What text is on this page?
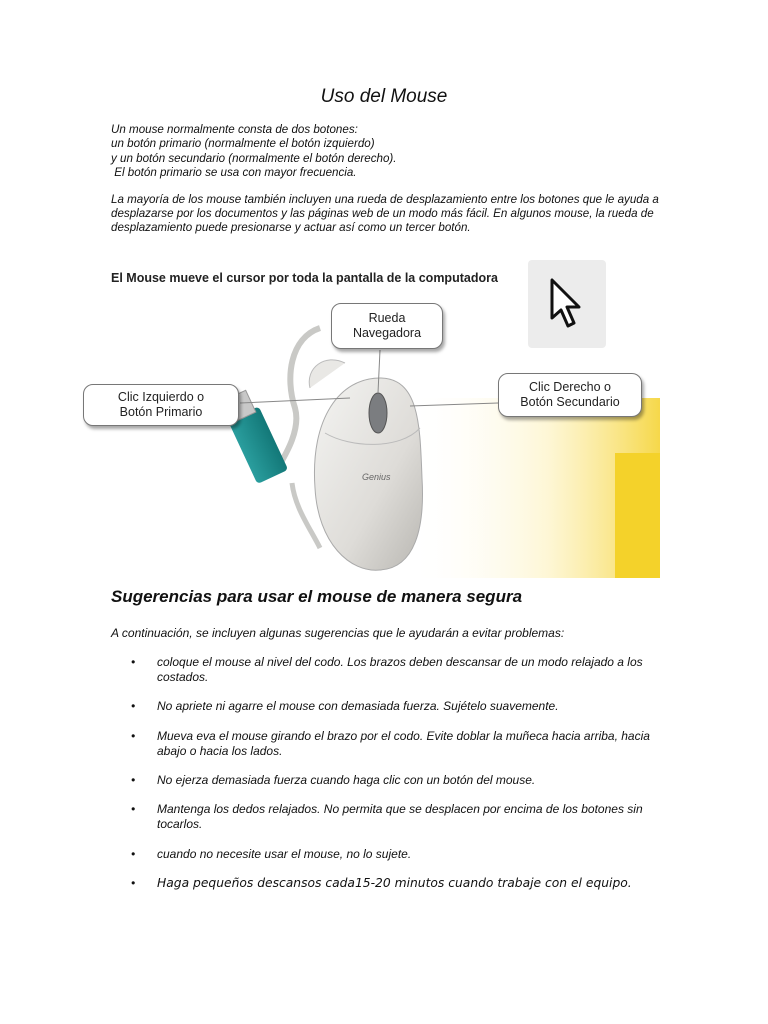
Uso del Mouse

Un mouse normalmente consta de dos botones:

un botón primario (normalmente el botón izquierdo)

y un botón secundario (normalmente el botón derecho).

El botón primario se usa con mayor frecuencia.

La mayoría de los mouse también incluyen una rueda de desplazamiento entre los botones que le ayuda a desplazarse por los documentos y las páginas web de un modo más fácil. En algunos mouse, la rueda de desplazamiento puede presionarse y actuar así como un tercer botón.

Genius
El Mouse mueve el cursor por toda la pantalla de la computadora
Rueda
Navegadora
Clic Izquierdo o
Botón Primario
Clic Derecho o
Botón Secundario
Sugerencias para usar el mouse de manera segura
A continuación, se incluyen algunas sugerencias que le ayudarán a evitar problemas:
• coloque el mouse al nivel del codo. Los brazos deben descansar de un modo relajado a los costados.
• No apriete ni agarre el mouse con demasiada fuerza. Sujételo suavemente.
• Mueva eva el mouse girando el brazo por el codo. Evite doblar la muñeca hacia arriba, hacia abajo o hacia los lados.
• No ejerza demasiada fuerza cuando haga clic con un botón del mouse.
• Mantenga los dedos relajados. No permita que se desplacen por encima de los botones sin tocarlos.
• cuando no necesite usar el mouse, no lo sujete.
• Haga pequeños descansos cada15-20 minutos cuando trabaje con el equipo.
